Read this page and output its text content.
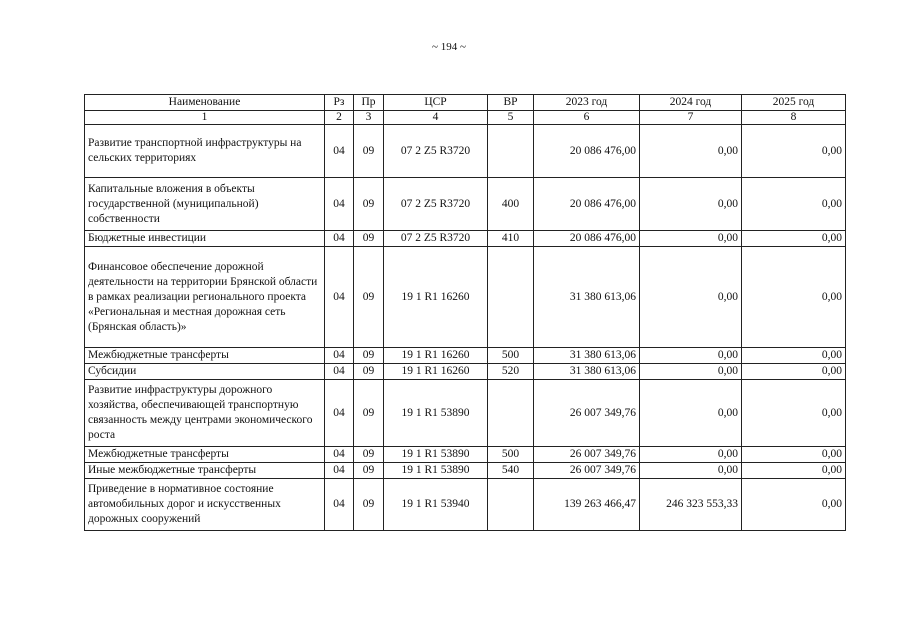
~ 194 ~
Наименование	Рз	Пр	ЦСР	ВР	2023 год	2024 год	2025 год
1	2	3	4	5	6	7	8
Развитие транспортной инфраструктуры на сельских территориях	04	09	07 2 Z5 R3720		20 086 476,00	0,00	0,00
Капитальные вложения в объекты государственной (муниципальной) собственности	04	09	07 2 Z5 R3720	400	20 086 476,00	0,00	0,00
Бюджетные инвестиции	04	09	07 2 Z5 R3720	410	20 086 476,00	0,00	0,00
Финансовое обеспечение дорожной деятельности на территории Брянской области в рамках реализации регионального проекта «Региональная и местная дорожная сеть (Брянская область)»	04	09	19 1 R1 16260		31 380 613,06	0,00	0,00
Межбюджетные трансферты	04	09	19 1 R1 16260	500	31 380 613,06	0,00	0,00
Субсидии	04	09	19 1 R1 16260	520	31 380 613,06	0,00	0,00
Развитие инфраструктуры дорожного хозяйства, обеспечивающей транспортную связанность между центрами экономического роста	04	09	19 1 R1 53890		26 007 349,76	0,00	0,00
Межбюджетные трансферты	04	09	19 1 R1 53890	500	26 007 349,76	0,00	0,00
Иные межбюджетные трансферты	04	09	19 1 R1 53890	540	26 007 349,76	0,00	0,00
Приведение в нормативное состояние автомобильных дорог и искусственных дорожных сооружений	04	09	19 1 R1 53940		139 263 466,47	246 323 553,33	0,00
